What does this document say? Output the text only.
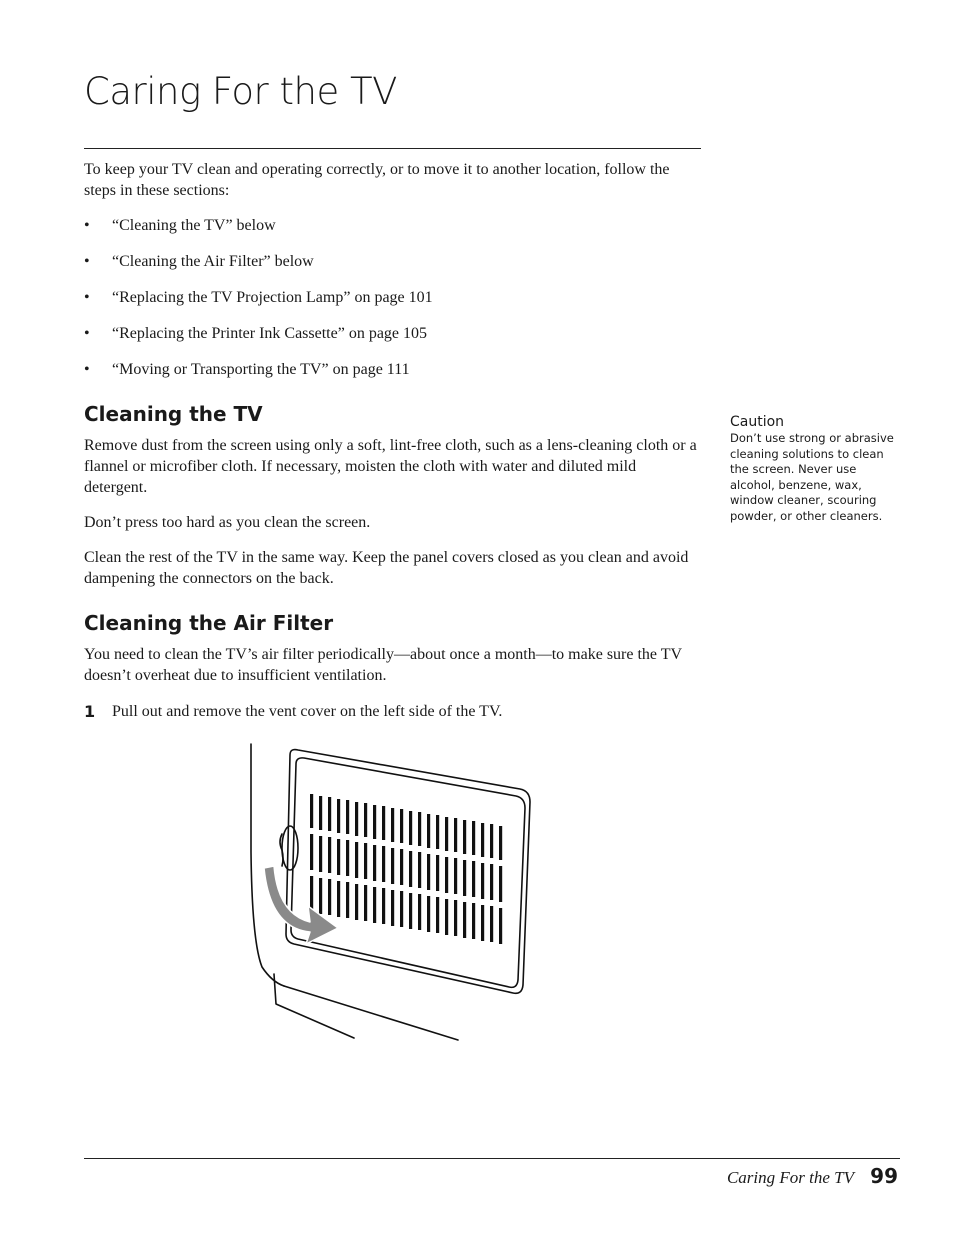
Caring For the TV

To keep your TV clean and operating correctly, or to move it to another location, follow the steps in these sections:

• “Cleaning the TV” below
• “Cleaning the Air Filter” below
• “Replacing the TV Projection Lamp” on page 101
• “Replacing the Printer Ink Cassette” on page 105
• “Moving or Transporting the TV” on page 111
Cleaning the TV

Remove dust from the screen using only a soft, lint-free cloth, such as a lens-cleaning cloth or a flannel or microfiber cloth. If necessary, moisten the cloth with water and diluted mild detergent.

Don’t press too hard as you clean the screen.

Clean the rest of the TV in the same way. Keep the panel covers closed as you clean and avoid dampening the connectors on the back.

Caution
Don’t use strong or abrasive cleaning solutions to clean the screen. Never use alcohol, benzene, wax, window cleaner, scouring powder, or other cleaners.
Cleaning the Air Filter

You need to clean the TV’s air filter periodically—about once a month—to make sure the TV doesn’t overheat due to insufficient ventilation.

1 Pull out and remove the vent cover on the left side of the TV.
Caring For the TV 99
